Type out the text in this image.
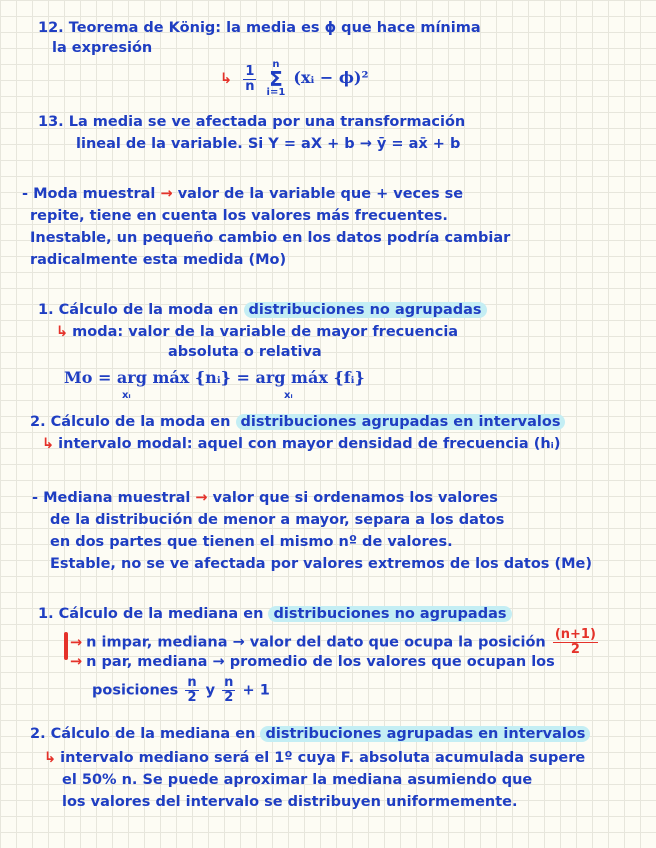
12. Teorema de König: la media es ϕ que hace mínima
la expresión
↳ $\frac{1}{n}$ n
Σ
i=1 (xᵢ − ϕ)²
13. La media se ve afectada por una transformación
lineal de la variable. Si Y = aX + b → ȳ = ax̄ + b
- Moda muestral → valor de la variable que + veces se
repite, tiene en cuenta los valores más frecuentes.
Inestable, un pequeño cambio en los datos podría cambiar
radicalmente esta medida (Mo)
1. Cálculo de la moda en distribuciones no agrupadas
↳ moda: valor de la variable de mayor frecuencia
absoluta o relativa
Mo = arg máx {nᵢ} = arg máx {fᵢ}
xᵢ	xᵢ
2. Cálculo de la moda en distribuciones agrupadas en intervalos
↳ intervalo modal: aquel con mayor densidad de frecuencia (hᵢ)
- Mediana muestral → valor que si ordenamos los valores
de la distribución de menor a mayor, separa a los datos
en dos partes que tienen el mismo nº de valores.
Estable, no se ve afectada por valores extremos de los datos (Me)
1. Cálculo de la mediana en distribuciones no agrupadas
→ n impar, mediana → valor del dato que ocupa la posición $\frac{(n+1)}{2}$
→ n par, mediana → promedio de los valores que ocupan los
posiciones $\frac{n}{2}$ y $\frac{n}{2} + 1$
2. Cálculo de la mediana en distribuciones agrupadas en intervalos
↳ intervalo mediano será el 1º cuya F. absoluta acumulada supere
el 50% n. Se puede aproximar la mediana asumiendo que
los valores del intervalo se distribuyen uniformemente.
